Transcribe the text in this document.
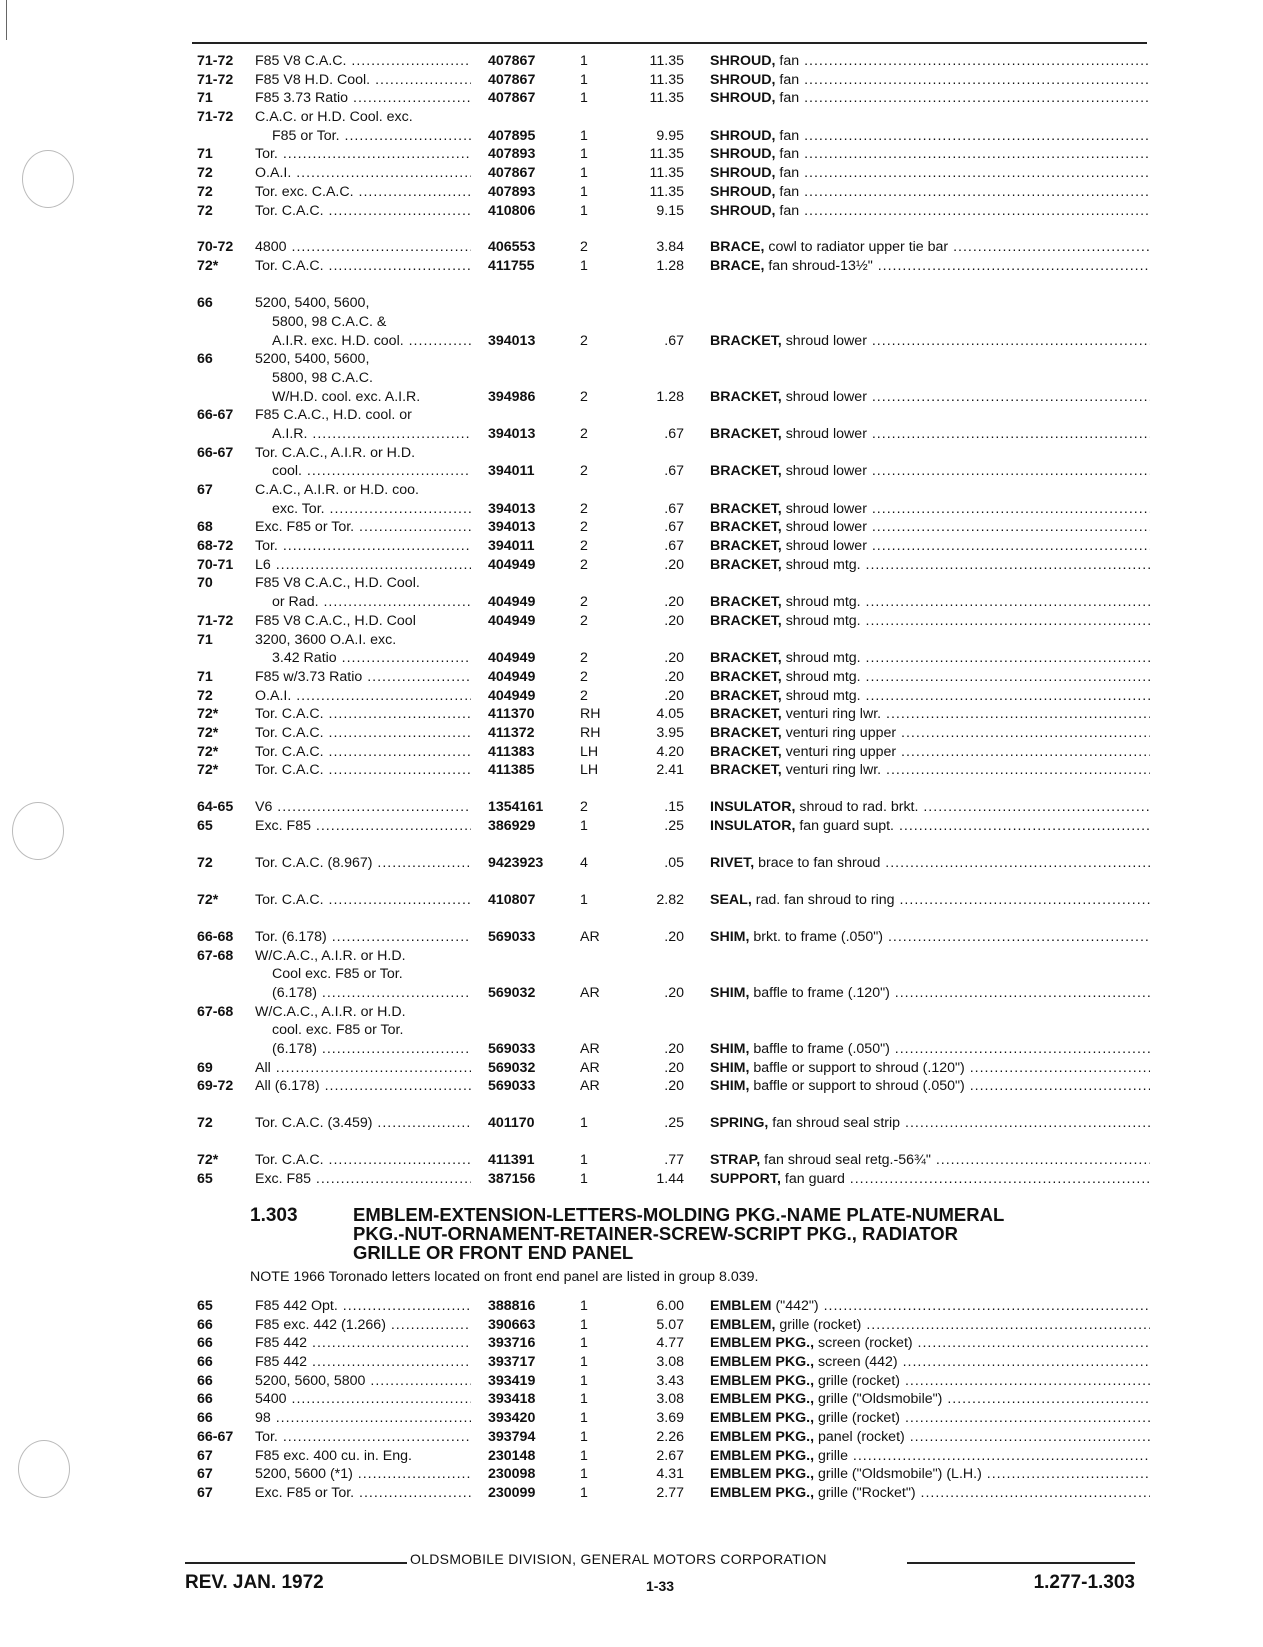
71-72	F85 V8 C.A.C. .....	407867	1	11.35 SHROUD, fan .....
71-72	F85 V8 H.D. Cool. .....	407867	1	11.35 SHROUD, fan .....
71	F85 3.73 Ratio .....	407867	1	11.35 SHROUD, fan .....
71-72	C.A.C. or H.D. Cool. exc.
F85 or Tor. .....	407895	1	9.95 SHROUD, fan .....
71	Tor. .....	407893	1	11.35 SHROUD, fan .....
72	O.A.I. .....	407867	1	11.35 SHROUD, fan .....
72	Tor. exc. C.A.C. .....	407893	1	11.35 SHROUD, fan .....
72	Tor. C.A.C. .....	410806	1	9.15 SHROUD, fan .....
70-72	4800 .....	406553	2	3.84 BRACE, cowl to radiator upper tie bar .....
72*	Tor. C.A.C. .....	411755	1	1.28 BRACE, fan shroud-13½" .....
66	5200, 5400, 5600,
5800, 98 C.A.C. &
A.I.R. exc. H.D. cool. .....	394013	2	.67 BRACKET, shroud lower .....
66	5200, 5400, 5600,
5800, 98 C.A.C.
W/H.D. cool. exc. A.I.R.	394986	2	1.28 BRACKET, shroud lower .....
66-67	F85 C.A.C., H.D. cool. or
A.I.R. .....	394013	2	.67 BRACKET, shroud lower .....
66-67	Tor. C.A.C., A.I.R. or H.D.
cool. .....	394011	2	.67 BRACKET, shroud lower .....
67	C.A.C., A.I.R. or H.D. coo.
exc. Tor. .....	394013	2	.67 BRACKET, shroud lower .....
68	Exc. F85 or Tor. .....	394013	2	.67 BRACKET, shroud lower .....
68-72	Tor. .....	394011	2	.67 BRACKET, shroud lower .....
70-71	L6 .....	404949	2	.20 BRACKET, shroud mtg. .....
70	F85 V8 C.A.C., H.D. Cool.
or Rad. .....	404949	2	.20 BRACKET, shroud mtg. .....
71-72	F85 V8 C.A.C., H.D. Cool	404949	2	.20 BRACKET, shroud mtg. .....
71	3200, 3600 O.A.I. exc.
3.42 Ratio .....	404949	2	.20 BRACKET, shroud mtg. .....
71	F85 w/3.73 Ratio .....	404949	2	.20 BRACKET, shroud mtg. .....
72	O.A.I. .....	404949	2	.20 BRACKET, shroud mtg. .....
72*	Tor. C.A.C. .....	411370	RH	4.05 BRACKET, venturi ring lwr. .....
72*	Tor. C.A.C. .....	411372	RH	3.95 BRACKET, venturi ring upper .....
72*	Tor. C.A.C. .....	411383	LH	4.20 BRACKET, venturi ring upper .....
72*	Tor. C.A.C. .....	411385	LH	2.41 BRACKET, venturi ring lwr. .....
64-65	V6 .....	1354161	2	.15 INSULATOR, shroud to rad. brkt. .....
65	Exc. F85 .....	386929	1	.25 INSULATOR, fan guard supt. .....
72	Tor. C.A.C. (8.967) .....	9423923	4	.05 RIVET, brace to fan shroud .....
72*	Tor. C.A.C. .....	410807	1	2.82 SEAL, rad. fan shroud to ring .....
66-68	Tor. (6.178) .....	569033	AR	.20 SHIM, brkt. to frame (.050") .....
67-68	W/C.A.C., A.I.R. or H.D.
Cool exc. F85 or Tor.
(6.178) .....	569032	AR	.20 SHIM, baffle to frame (.120") .....
67-68	W/C.A.C., A.I.R. or H.D.
cool. exc. F85 or Tor.
(6.178) .....	569033	AR	.20 SHIM, baffle to frame (.050") .....
69	All .....	569032	AR	.20 SHIM, baffle or support to shroud (.120") .....
69-72	All (6.178) .....	569033	AR	.20 SHIM, baffle or support to shroud (.050") .....
72	Tor. C.A.C. (3.459) .....	401170	1	.25 SPRING, fan shroud seal strip .....
72*	Tor. C.A.C. .....	411391	1	.77 STRAP, fan shroud seal retg.-56¾" .....
65	Exc. F85 .....	387156	1	1.44 SUPPORT, fan guard .....
1.303	EMBLEM-EXTENSION-LETTERS-MOLDING PKG.-NAME PLATE-NUMERAL
PKG.-NUT-ORNAMENT-RETAINER-SCREW-SCRIPT PKG., RADIATOR
GRILLE OR FRONT END PANEL
NOTE 1966 Toronado letters located on front end panel are listed in group 8.039.
65	F85 442 Opt. .....	388816	1	6.00 EMBLEM ("442") .....
66	F85 exc. 442 (1.266) .....	390663	1	5.07 EMBLEM, grille (rocket) .....
66	F85 442 .....	393716	1	4.77 EMBLEM PKG., screen (rocket) .....
66	F85 442 .....	393717	1	3.08 EMBLEM PKG., screen (442) .....
66	5200, 5600, 5800 .....	393419	1	3.43 EMBLEM PKG., grille (rocket) .....
66	5400 .....	393418	1	3.08 EMBLEM PKG., grille ("Oldsmobile") .....
66	98 .....	393420	1	3.69 EMBLEM PKG., grille (rocket) .....
66-67	Tor. .....	393794	1	2.26 EMBLEM PKG., panel (rocket) .....
67	F85 exc. 400 cu. in. Eng.	230148	1	2.67 EMBLEM PKG., grille .....
67	5200, 5600 (*1) .....	230098	1	4.31 EMBLEM PKG., grille ("Oldsmobile") (L.H.) .....
67	Exc. F85 or Tor. .....	230099	1	2.77 EMBLEM PKG., grille ("Rocket") .....
OLDSMOBILE DIVISION, GENERAL MOTORS CORPORATION
REV. JAN. 1972	1-33	1.277-1.303
